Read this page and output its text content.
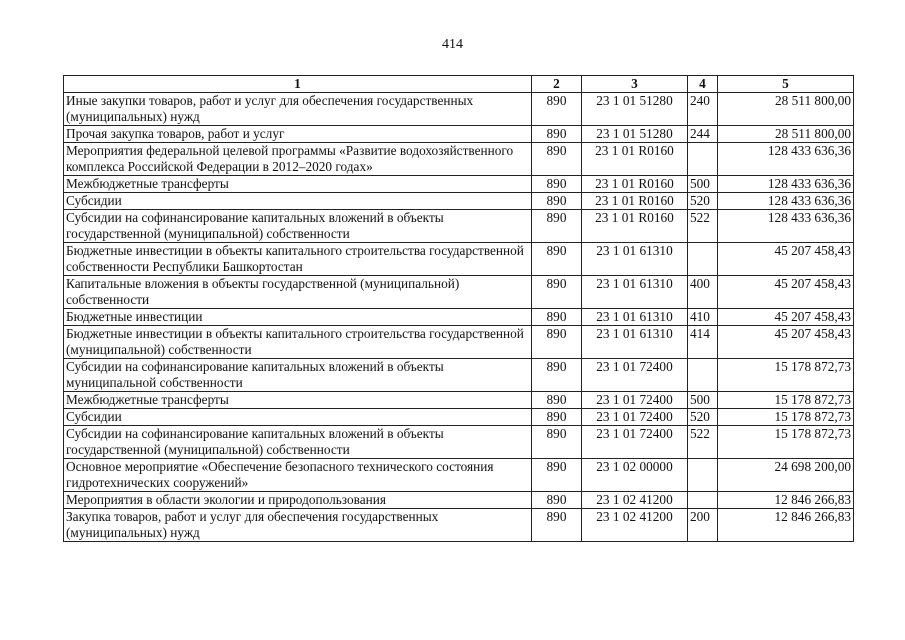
414
1	2	3	4	5
Иные закупки товаров, работ и услуг для обеспечения государственных (муниципальных) нужд	890	23 1 01 51280	240	28 511 800,00
Прочая закупка товаров, работ и услуг	890	23 1 01 51280	244	28 511 800,00
Мероприятия федеральной целевой программы «Развитие водохозяйственного комплекса Российской Федерации в 2012–2020 годах»	890	23 1 01 R0160		128 433 636,36
Межбюджетные трансферты	890	23 1 01 R0160	500	128 433 636,36
Субсидии	890	23 1 01 R0160	520	128 433 636,36
Субсидии на софинансирование капитальных вложений в объекты государственной (муниципальной) собственности	890	23 1 01 R0160	522	128 433 636,36
Бюджетные инвестиции в объекты капитального строительства государственной собственности Республики Башкортостан	890	23 1 01 61310		45 207 458,43
Капитальные вложения в объекты государственной (муниципальной) собственности	890	23 1 01 61310	400	45 207 458,43
Бюджетные инвестиции	890	23 1 01 61310	410	45 207 458,43
Бюджетные инвестиции в объекты капитального строительства государственной (муниципальной) собственности	890	23 1 01 61310	414	45 207 458,43
Субсидии на софинансирование капитальных вложений в объекты муниципальной собственности	890	23 1 01 72400		15 178 872,73
Межбюджетные трансферты	890	23 1 01 72400	500	15 178 872,73
Субсидии	890	23 1 01 72400	520	15 178 872,73
Субсидии на софинансирование капитальных вложений в объекты государственной (муниципальной) собственности	890	23 1 01 72400	522	15 178 872,73
Основное мероприятие «Обеспечение безопасного технического состояния гидротехнических сооружений»	890	23 1 02 00000		24 698 200,00
Мероприятия в области экологии и природопользования	890	23 1 02 41200		12 846 266,83
Закупка товаров, работ и услуг для обеспечения государственных (муниципальных) нужд	890	23 1 02 41200	200	12 846 266,83
